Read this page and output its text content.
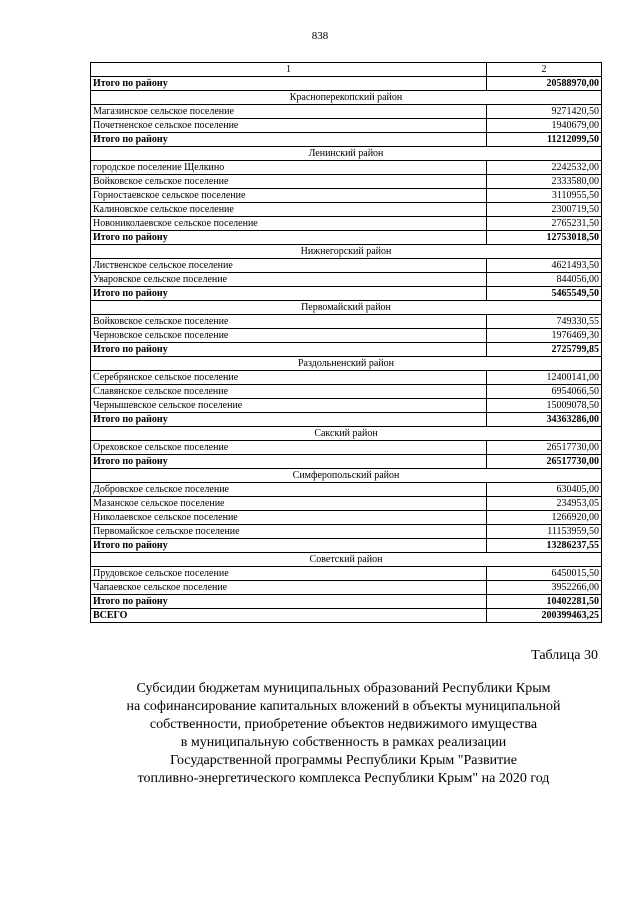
838
1	2
Итого по району	20588970,00
Красноперекопский район	
Магазинское сельское поселение	9271420,50
Почетненское сельское поселение	1940679,00
Итого по району	11212099,50
Ленинский район	
городское поселение Щелкино	2242532,00
Войковское сельское поселение	2333580,00
Горностаевское сельское поселение	3110955,50
Калиновское сельское поселение	2300719,50
Новониколаевское сельское поселение	2765231,50
Итого по району	12753018,50
Нижнегорский район	
Лиственское сельское поселение	4621493,50
Уваровское сельское поселение	844056,00
Итого по району	5465549,50
Первомайский район	
Войковское сельское поселение	749330,55
Черновское сельское поселение	1976469,30
Итого по району	2725799,85
Раздольненский район	
Серебрянское сельское поселение	12400141,00
Славянское сельское поселение	6954066,50
Чернышевское сельское поселение	15009078,50
Итого по району	34363286,00
Сакский район	
Ореховское сельское поселение	26517730,00
Итого по району	26517730,00
Симферопольский район	
Добровское сельское поселение	630405,00
Мазанское сельское поселение	234953,05
Николаевское сельское поселение	1266920,00
Первомайское сельское поселение	11153959,50
Итого по району	13286237,55
Советский район	
Прудовское сельское поселение	6450015,50
Чапаевское сельское поселение	3952266,00
Итого по району	10402281,50
ВСЕГО	200399463,25
Таблица 30
Субсидии бюджетам муниципальных образований Республики Крым
на софинансирование капитальных вложений в объекты муниципальной
собственности, приобретение объектов недвижимого имущества
в муниципальную собственность в рамках реализации
Государственной программы Республики Крым "Развитие
топливно-энергетического комплекса Республики Крым" на 2020 год
